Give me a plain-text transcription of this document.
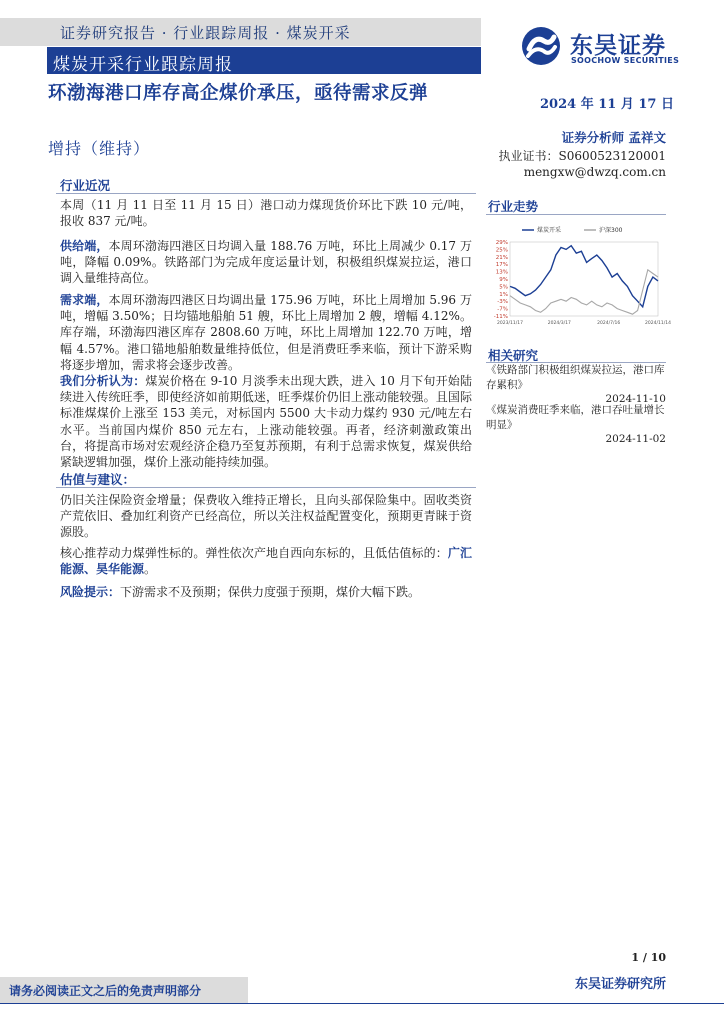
证券研究报告 · 行业跟踪周报 · 煤炭开采
煤炭开采行业跟踪周报
东吴证券
SOOCHOW SECURITIES
环渤海港口库存高企煤价承压，亟待需求反弹
增持（维持）
2024 年 11 月 17 日
证券分析师 孟祥文
执业证书：S0600523120001
mengxw@dwzq.com.cn
行业近况
本周（11 月 11 日至 11 月 15 日）港口动力煤现货价环比下跌 10 元/吨，报收 837 元/吨。
供给端，本周环渤海四港区日均调入量 188.76 万吨，环比上周减少 0.17 万吨，降幅 0.09%。铁路部门为完成年度运量计划，积极组织煤炭拉运，港口调入量维持高位。
需求端，本周环渤海四港区日均调出量 175.96 万吨，环比上周增加 5.96 万吨，增幅 3.50%；日均锚地船舶 51 艘，环比上周增加 2 艘，增幅 4.12%。库存端，环渤海四港区库存 2808.60 万吨，环比上周增加 122.70 万吨，增幅 4.57%。港口锚地船舶数量维持低位，但是消费旺季来临，预计下游采购将逐步增加，需求将会逐步改善。
我们分析认为：煤炭价格在 9-10 月淡季未出现大跌，进入 10 月下旬开始陆续进入传统旺季，即使经济如前期低迷，旺季煤价仍旧上涨动能较强。且国际标准煤煤价上涨至 153 美元，对标国内 5500 大卡动力煤约 930 元/吨左右水平。当前国内煤价 850 元左右，上涨动能较强。再者，经济刺激政策出台，将提高市场对宏观经济企稳乃至复苏预期，有利于总需求恢复，煤炭供给紧缺逻辑加强，煤价上涨动能持续加强。
估值与建议：
仍旧关注保险资金增量；保费收入维持正增长，且向头部保险集中。固收类资产荒依旧、叠加红利资产已经高位，所以关注权益配置变化，预期更青睐于资源股。
核心推荐动力煤弹性标的。弹性依次产地自西向东标的，且低估值标的：广汇能源、昊华能源。
风险提示：下游需求不及预期；保供力度强于预期，煤价大幅下跌。
行业走势
29%
25%
21%
17%
13%
9%
5%
1%
-3%
-7%
-11%
2023/11/17	2024/3/17	2024/7/16	2024/11/14
煤炭开采	沪深300
相关研究
《铁路部门积极组织煤炭拉运，港口库存累积》
2024-11-10
《煤炭消费旺季来临，港口吞吐量增长明显》
2024-11-02
1 / 10
请务必阅读正文之后的免责声明部分	东吴证券研究所
